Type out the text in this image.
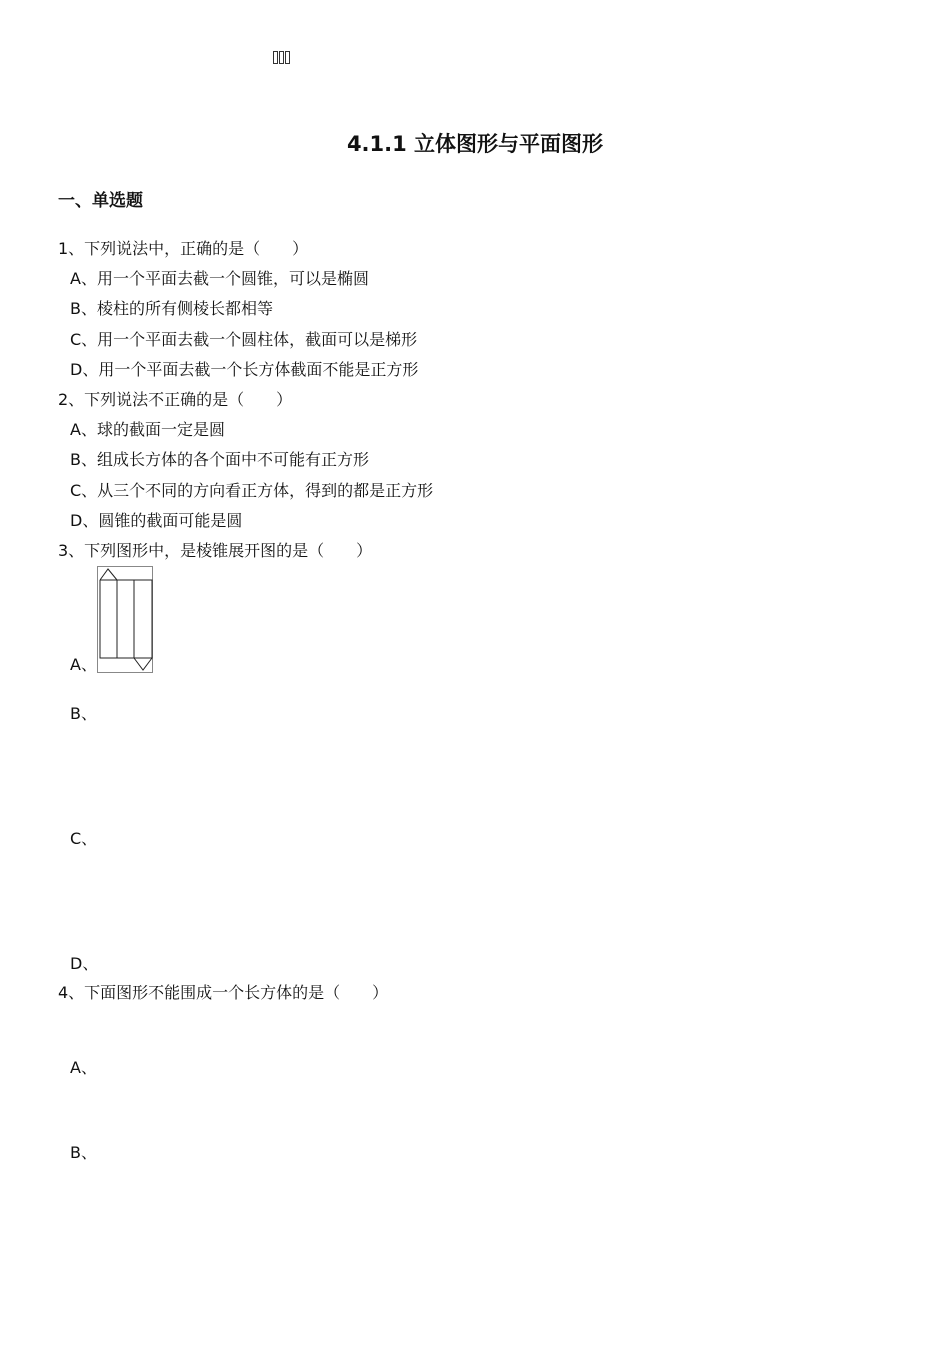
4.1.1 立体图形与平面图形
一、单选题
1、下列说法中，正确的是（　　）
A、用一个平面去截一个圆锥，可以是椭圆
B、棱柱的所有侧棱长都相等
C、用一个平面去截一个圆柱体，截面可以是梯形
D、用一个平面去截一个长方体截面不能是正方形
2、下列说法不正确的是（　　）
A、球的截面一定是圆
B、组成长方体的各个面中不可能有正方形
C、从三个不同的方向看正方体，得到的都是正方形
D、圆锥的截面可能是圆
3、下列图形中，是棱锥展开图的是（　　）
A、
B、
C、
D、
4、下面图形不能围成一个长方体的是（　　）
A、
B、
